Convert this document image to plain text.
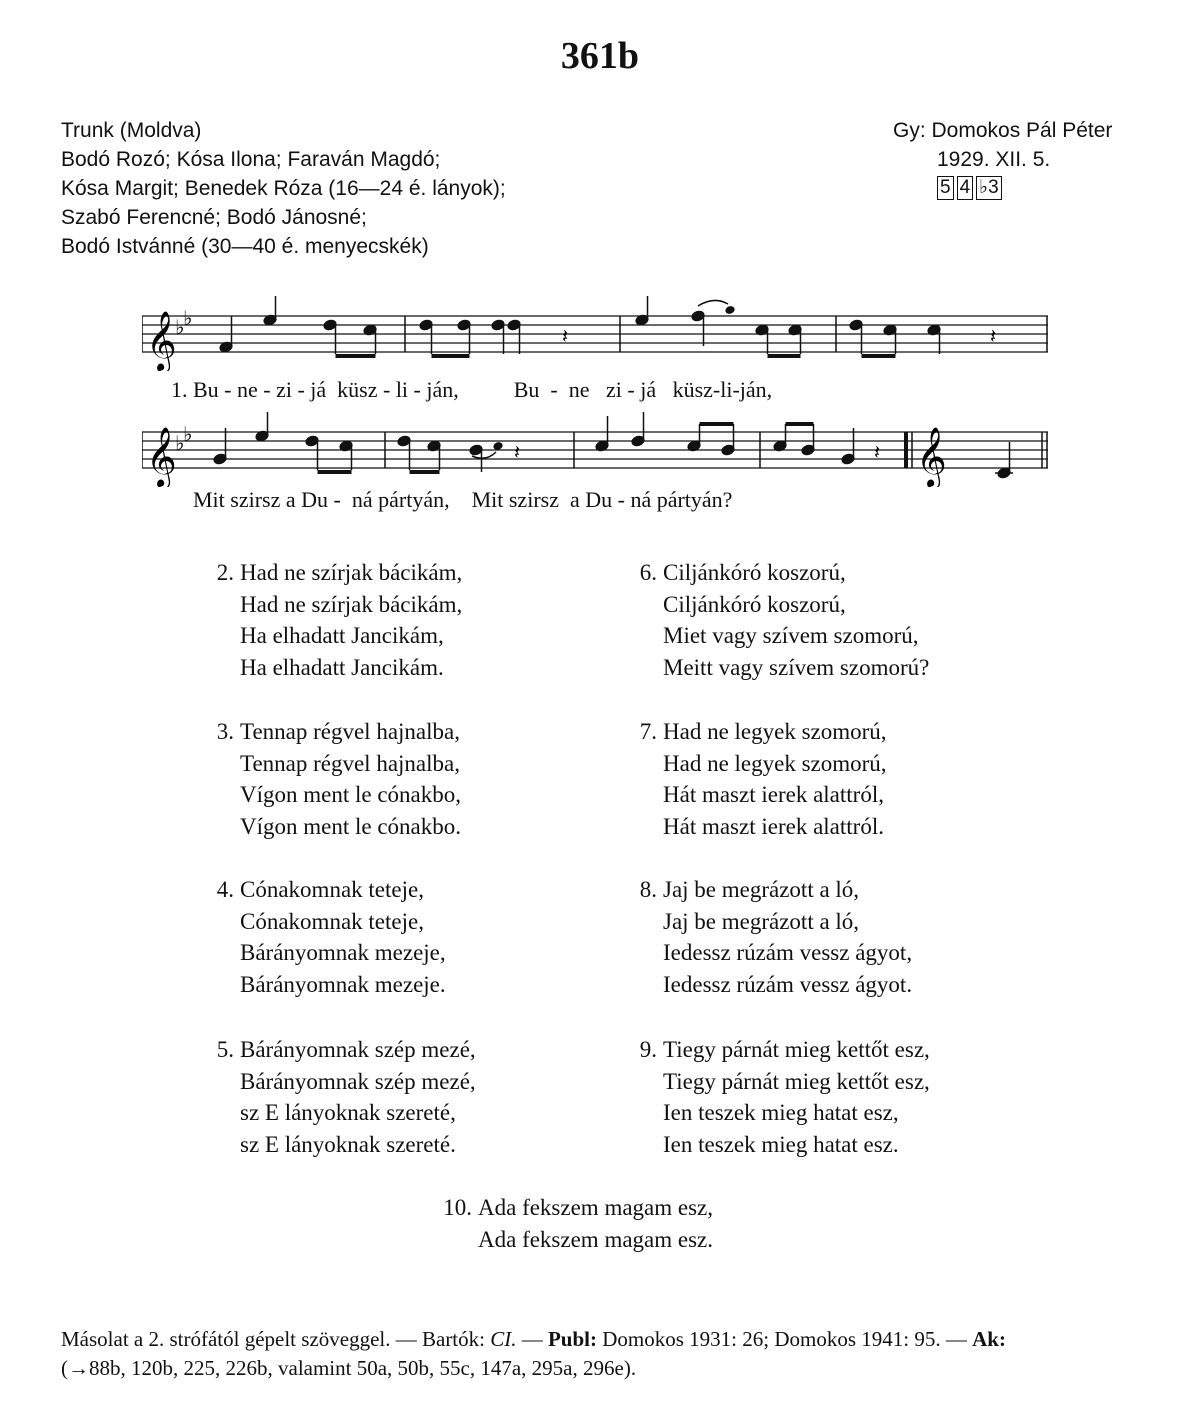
361b
Trunk (Moldva)
Bodó Rozó; Kósa Ilona; Faraván Magdó;
Kósa Margit; Benedek Róza (16—24 é. lányok);
Szabó Ferencné; Bodó Jánosné;
Bodó Istvánné (30—40 é. menyecskék)
Gy: Domokos Pál Péter
1929. XII. 5.
5 4 ♭3
𝄞
♭
♭
𝄽	𝄽
1. Bu - ne - zi - já  küsz - li - ján,          Bu  -  ne   zi - já   küsz-li-ján,
𝄞
♭
♭	𝄞
𝄽	𝄽
Mit szirsz a Du -  ná pártyán,    Mit szirsz  a Du - ná pártyán?
2. Had ne szírjak bácikám,
Had ne szírjak bácikám,
Ha elhadatt Jancikám,
Ha elhadatt Jancikám.
3. Tennap régvel hajnalba,
Tennap régvel hajnalba,
Vígon ment le cónakbo,
Vígon ment le cónakbo.
4. Cónakomnak teteje,
Cónakomnak teteje,
Bárányomnak mezeje,
Bárányomnak mezeje.
5. Bárányomnak szép mezé,
Bárányomnak szép mezé,
sz E lányoknak szereté,
sz E lányoknak szereté.
6. Ciljánkóró koszorú,
Ciljánkóró koszorú,
Miet vagy szívem szomorú,
Meitt vagy szívem szomorú?
7. Had ne legyek szomorú,
Had ne legyek szomorú,
Hát maszt ierek alattról,
Hát maszt ierek alattról.
8. Jaj be megrázott a ló,
Jaj be megrázott a ló,
Iedessz rúzám vessz ágyot,
Iedessz rúzám vessz ágyot.
9. Tiegy párnát mieg kettőt esz,
Tiegy párnát mieg kettőt esz,
Ien teszek mieg hatat esz,
Ien teszek mieg hatat esz.
10. Ada fekszem magam esz,
Ada fekszem magam esz.
Másolat a 2. strófától gépelt szöveggel. — Bartók: CI. — Publ: Domokos 1931: 26; Domokos 1941: 95. — Ak:
(→88b, 120b, 225, 226b, valamint 50a, 50b, 55c, 147a, 295a, 296e).
